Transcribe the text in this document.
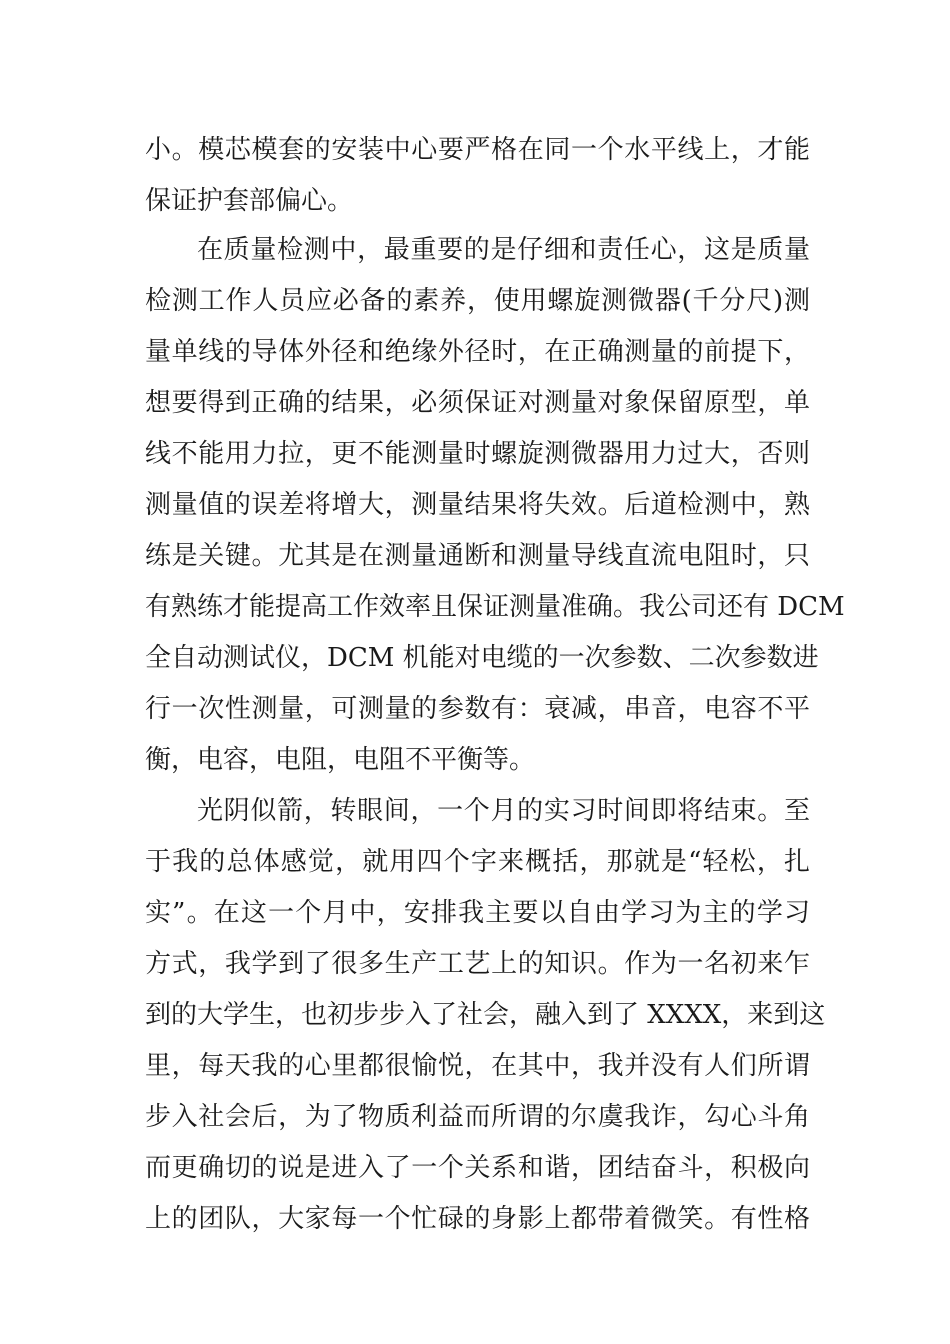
小。模芯模套的安装中心要严格在同一个水平线上，才能
保证护套部偏心。
在质量检测中，最重要的是仔细和责任心，这是质量
检测工作人员应必备的素养，使用螺旋测微器(千分尺)测
量单线的导体外径和绝缘外径时，在正确测量的前提下，
想要得到正确的结果，必须保证对测量对象保留原型，单
线不能用力拉，更不能测量时螺旋测微器用力过大，否则
测量值的误差将增大，测量结果将失效。后道检测中，熟
练是关键。尤其是在测量通断和测量导线直流电阻时，只
有熟练才能提高工作效率且保证测量准确。我公司还有 DCM
全自动测试仪，DCM 机能对电缆的一次参数、二次参数进
行一次性测量，可测量的参数有：衰减，串音，电容不平
衡，电容，电阻，电阻不平衡等。
光阴似箭，转眼间，一个月的实习时间即将结束。至
于我的总体感觉，就用四个字来概括，那就是“轻松，扎
实”。在这一个月中，安排我主要以自由学习为主的学习
方式，我学到了很多生产工艺上的知识。作为一名初来乍
到的大学生，也初步步入了社会，融入到了 XXXX，来到这
里，每天我的心里都很愉悦，在其中，我并没有人们所谓
步入社会后，为了物质利益而所谓的尔虞我诈，勾心斗角
而更确切的说是进入了一个关系和谐，团结奋斗，积极向
上的团队，大家每一个忙碌的身影上都带着微笑。有性格
